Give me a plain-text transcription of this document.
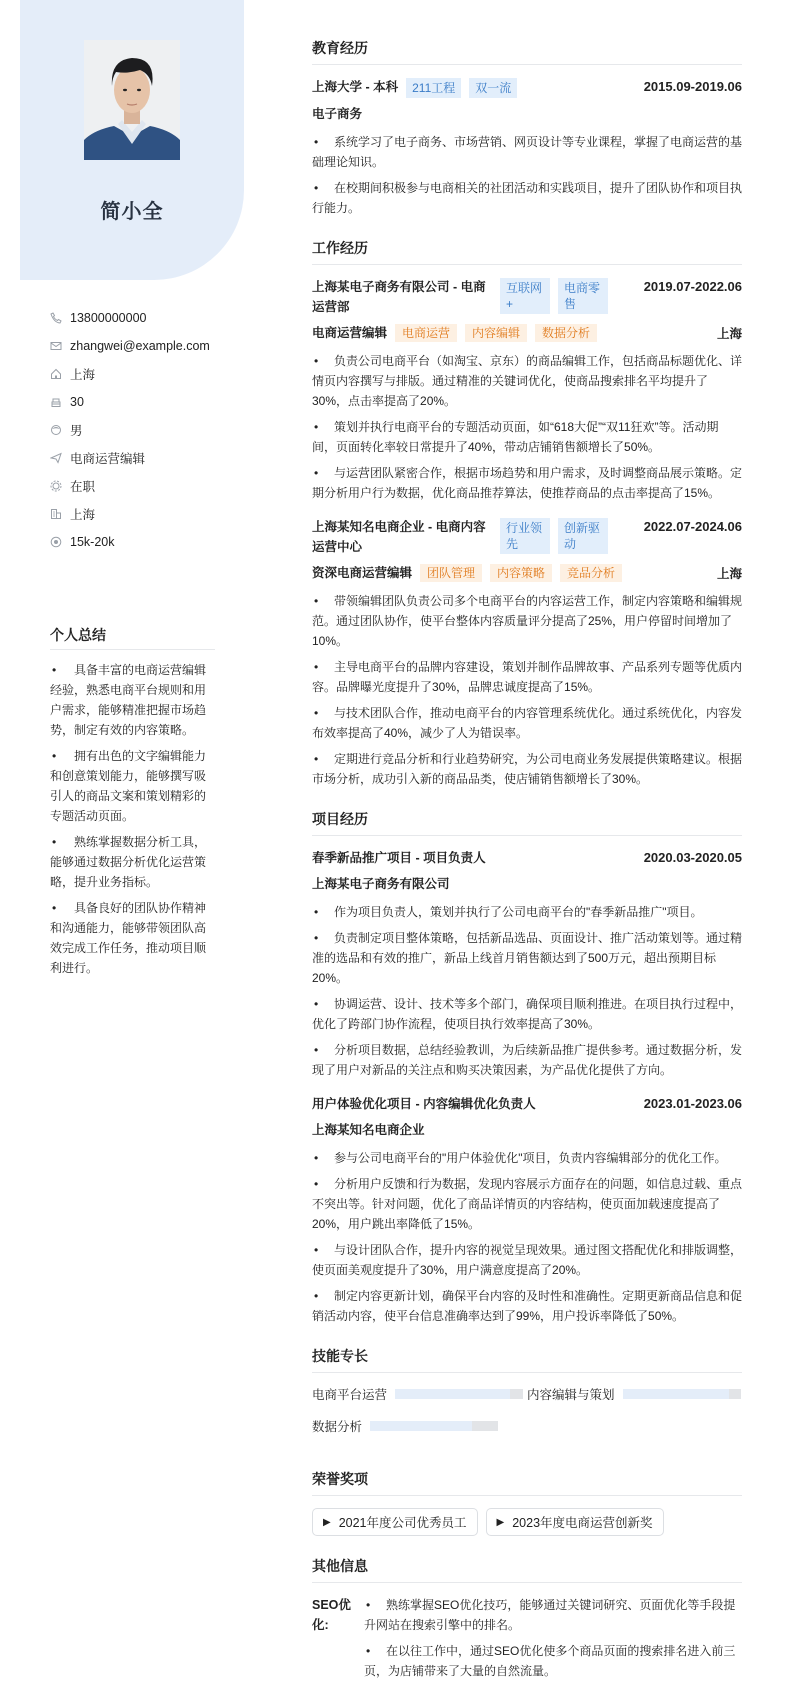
简小全
13800000000
zhangwei@example.com
上海
30
男
电商运营编辑
在职
上海
15k-20k
个人总结
• 具备丰富的电商运营编辑经验，熟悉电商平台规则和用户需求，能够精准把握市场趋势，制定有效的内容策略。
• 拥有出色的文字编辑能力和创意策划能力，能够撰写吸引人的商品文案和策划精彩的专题活动页面。
• 熟练掌握数据分析工具，能够通过数据分析优化运营策略，提升业务指标。
• 具备良好的团队协作精神和沟通能力，能够带领团队高效完成工作任务，推动项目顺利进行。
教育经历
上海大学 - 本科	211工程	双一流	2015.09-2019.06
电子商务
• 系统学习了电子商务、市场营销、网页设计等专业课程，掌握了电商运营的基础理论知识。
• 在校期间积极参与电商相关的社团活动和实践项目，提升了团队协作和项目执行能力。
工作经历
上海某电子商务有限公司 - 电商运营部
互联网+
电商零售
2019.07-2022.06
电商运营编辑	电商运营	内容编辑	数据分析	上海
• 负责公司电商平台（如淘宝、京东）的商品编辑工作，包括商品标题优化、详情页内容撰写与排版。通过精准的关键词优化，使商品搜索排名平均提升了30%，点击率提高了20%。
• 策划并执行电商平台的专题活动页面，如“618大促”“双11狂欢”等。活动期间，页面转化率较日常提升了40%，带动店铺销售额增长了50%。
• 与运营团队紧密合作，根据市场趋势和用户需求，及时调整商品展示策略。定期分析用户行为数据，优化商品推荐算法，使推荐商品的点击率提高了15%。
上海某知名电商企业 - 电商内容运营中心
行业领先
创新驱动
2022.07-2024.06
资深电商运营编辑	团队管理	内容策略	竞品分析	上海
• 带领编辑团队负责公司多个电商平台的内容运营工作，制定内容策略和编辑规范。通过团队协作，使平台整体内容质量评分提高了25%，用户停留时间增加了10%。
• 主导电商平台的品牌内容建设，策划并制作品牌故事、产品系列专题等优质内容。品牌曝光度提升了30%，品牌忠诚度提高了15%。
• 与技术团队合作，推动电商平台的内容管理系统优化。通过系统优化，内容发布效率提高了40%，减少了人为错误率。
• 定期进行竞品分析和行业趋势研究，为公司电商业务发展提供策略建议。根据市场分析，成功引入新的商品品类，使店铺销售额增长了30%。
项目经历
春季新品推广项目 - 项目负责人	2020.03-2020.05
上海某电子商务有限公司
• 作为项目负责人，策划并执行了公司电商平台的"春季新品推广"项目。
• 负责制定项目整体策略，包括新品选品、页面设计、推广活动策划等。通过精准的选品和有效的推广，新品上线首月销售额达到了500万元，超出预期目标20%。
• 协调运营、设计、技术等多个部门，确保项目顺利推进。在项目执行过程中，优化了跨部门协作流程，使项目执行效率提高了30%。
• 分析项目数据，总结经验教训，为后续新品推广提供参考。通过数据分析，发现了用户对新品的关注点和购买决策因素，为产品优化提供了方向。
用户体验优化项目 - 内容编辑优化负责人	2023.01-2023.06
上海某知名电商企业
• 参与公司电商平台的"用户体验优化"项目，负责内容编辑部分的优化工作。
• 分析用户反馈和行为数据，发现内容展示方面存在的问题，如信息过载、重点不突出等。针对问题，优化了商品详情页的内容结构，使页面加载速度提高了20%，用户跳出率降低了15%。
• 与设计团队合作，提升内容的视觉呈现效果。通过图文搭配优化和排版调整，使页面美观度提升了30%，用户满意度提高了20%。
• 制定内容更新计划，确保平台内容的及时性和准确性。定期更新商品信息和促销活动内容，使平台信息准确率达到了99%，用户投诉率降低了50%。
技能专长
电商平台运营	内容编辑与策划
数据分析
荣誉奖项
▶ 2021年度公司优秀员工	▶ 2023年度电商运营创新奖
其他信息
SEO优化:
• 熟练掌握SEO优化技巧，能够通过关键词研究、页面优化等手段提升网站在搜索引擎中的排名。
• 在以往工作中，通过SEO优化使多个商品页面的搜索排名进入前三页，为店铺带来了大量的自然流量。
